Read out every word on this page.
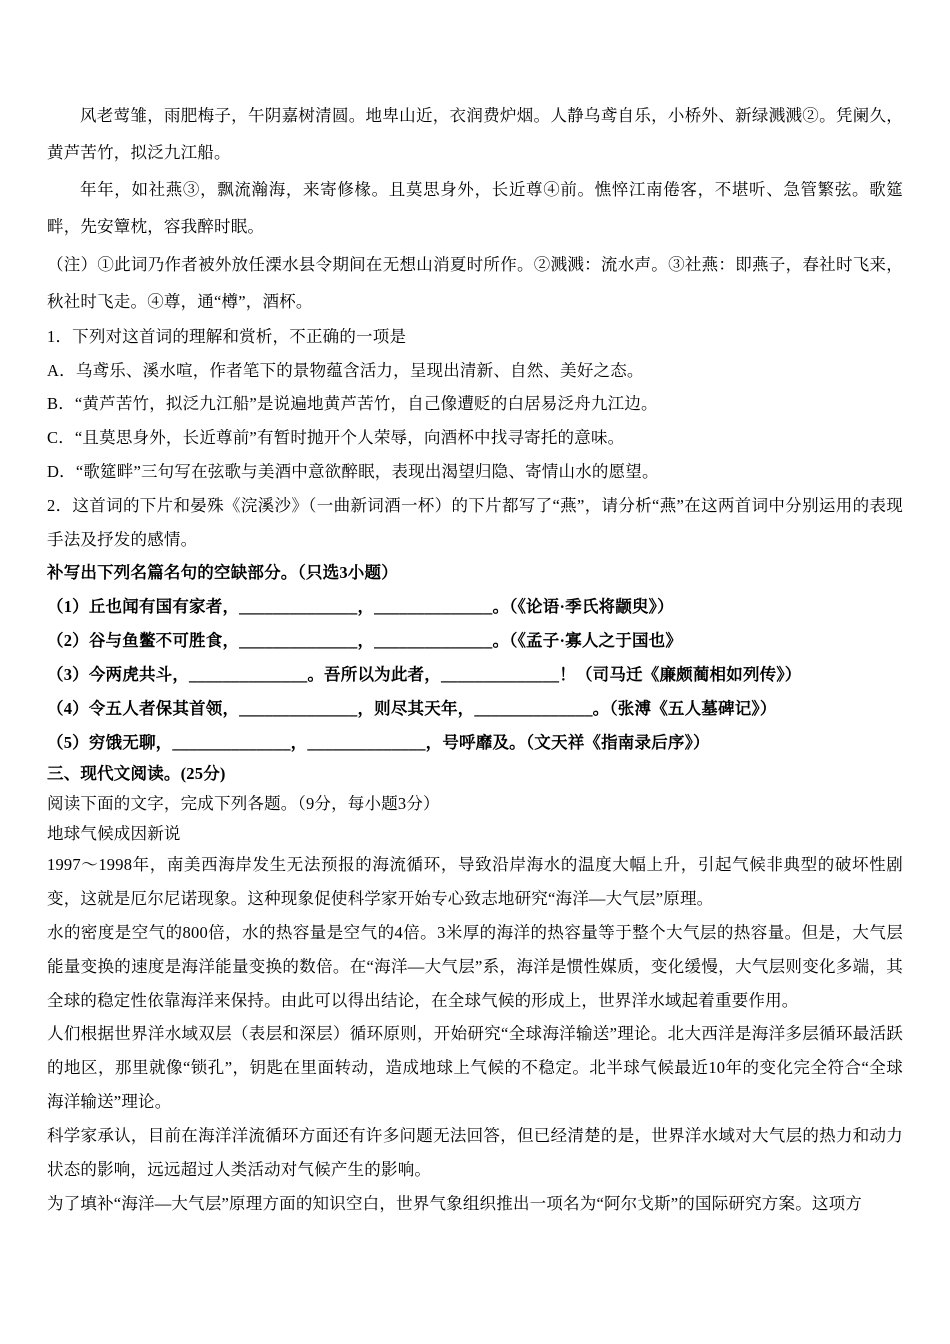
风老莺雏，雨肥梅子，午阴嘉树清圆。地卑山近，衣润费炉烟。人静乌鸢自乐，小桥外、新绿溅溅②。凭阑久，黄芦苦竹，拟泛九江船。

年年，如社燕③，飘流瀚海，来寄修椽。且莫思身外，长近尊④前。憔悴江南倦客，不堪听、急管繁弦。歌筵畔，先安簟枕，容我醉时眠。

（注）①此词乃作者被外放任溧水县令期间在无想山消夏时所作。②溅溅：流水声。③社燕：即燕子，春社时飞来，秋社时飞走。④尊，通“樽”，酒杯。

1．下列对这首词的理解和赏析，不正确的一项是

A．乌鸢乐、溪水喧，作者笔下的景物蕴含活力，呈现出清新、自然、美好之态。

B．“黄芦苦竹，拟泛九江船”是说遍地黄芦苦竹，自己像遭贬的白居易泛舟九江边。

C．“且莫思身外，长近尊前”有暂时抛开个人荣辱，向酒杯中找寻寄托的意味。

D．“歌筵畔”三句写在弦歌与美酒中意欲醉眠，表现出渴望归隐、寄情山水的愿望。

2．这首词的下片和晏殊《浣溪沙》（一曲新词酒一杯）的下片都写了“燕”，请分析“燕”在这两首词中分别运用的表现手法及抒发的感情。

补写出下列名篇名句的空缺部分。（只选3小题）

（1）丘也闻有国有家者，______________，______________。（《论语·季氏将颛臾》）

（2）谷与鱼鳖不可胜食，______________，______________。（《孟子·寡人之于国也》

（3）今两虎共斗，______________。吾所以为此者，______________！（司马迁《廉颇蔺相如列传》）

（4）令五人者保其首领，______________，则尽其天年，______________。（张溥《五人墓碑记》）

（5）穷饿无聊，______________，______________，号呼靡及。（文天祥《指南录后序》）

三、现代文阅读。(25分)

阅读下面的文字，完成下列各题。（9分，每小题3分）

地球气候成因新说

1997～1998年，南美西海岸发生无法预报的海流循环，导致沿岸海水的温度大幅上升，引起气候非典型的破坏性剧变，这就是厄尔尼诺现象。这种现象促使科学家开始专心致志地研究“海洋—大气层”原理。

水的密度是空气的800倍，水的热容量是空气的4倍。3米厚的海洋的热容量等于整个大气层的热容量。但是，大气层能量变换的速度是海洋能量变换的数倍。在“海洋—大气层”系，海洋是惯性媒质，变化缓慢，大气层则变化多端，其全球的稳定性依靠海洋来保持。由此可以得出结论，在全球气候的形成上，世界洋水域起着重要作用。

人们根据世界洋水域双层（表层和深层）循环原则，开始研究“全球海洋输送”理论。北大西洋是海洋多层循环最活跃的地区，那里就像“锁孔”，钥匙在里面转动，造成地球上气候的不稳定。北半球气候最近10年的变化完全符合“全球海洋输送”理论。

科学家承认，目前在海洋洋流循环方面还有许多问题无法回答，但已经清楚的是，世界洋水域对大气层的热力和动力状态的影响，远远超过人类活动对气候产生的影响。

为了填补“海洋—大气层”原理方面的知识空白，世界气象组织推出一项名为“阿尔戈斯”的国际研究方案。这项方
